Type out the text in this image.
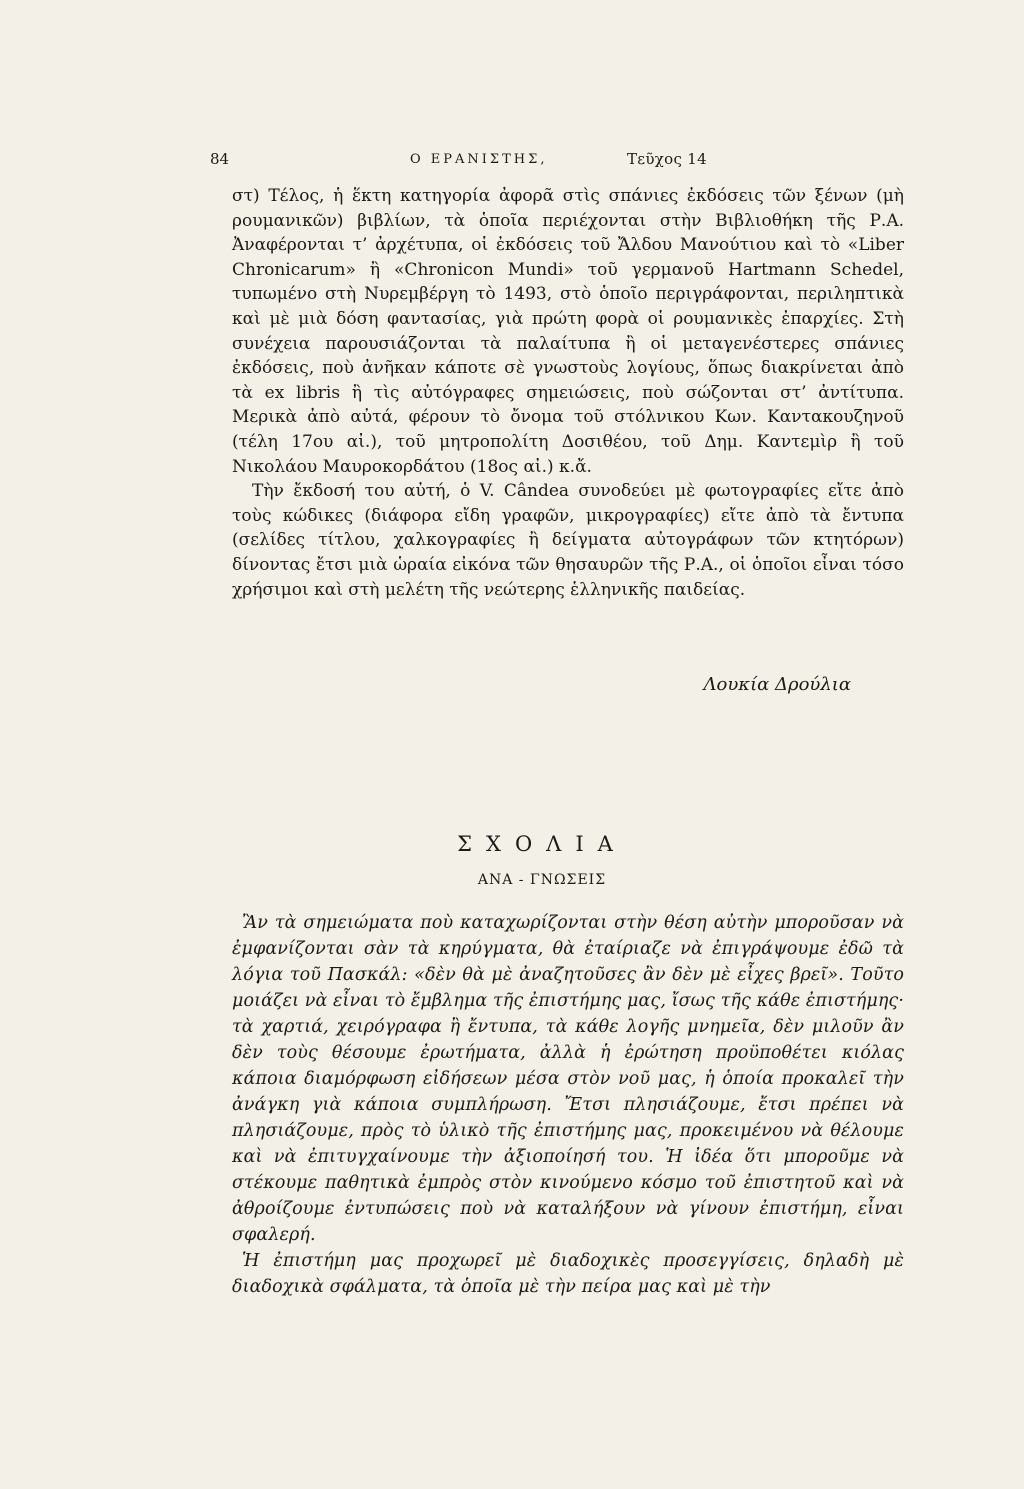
84	Ο ΕΡΑΝΙΣΤΗΣ,	Τεῦχος 14

στ) Τέλος, ἡ ἕκτη κατηγορία ἀφορᾶ στὶς σπάνιες ἐκδόσεις τῶν ξένων (μὴ ρουμανικῶν) βιβλίων, τὰ ὁποῖα περιέχονται στὴν Βιβλιοθήκη τῆς Ρ.Α. Ἀναφέρονται τ’ ἀρχέτυπα, οἱ ἐκδόσεις τοῦ Ἄλδου Μανούτιου καὶ τὸ «Liber Chronicarum» ἢ «Chronicon Mundi» τοῦ γερμανοῦ Hartmann Schedel, τυπωμένο στὴ Νυρεμβέργη τὸ 1493, στὸ ὁποῖο περιγράφονται, περιληπτικὰ καὶ μὲ μιὰ δόση φαντασίας, γιὰ πρώτη φορὰ οἱ ρουμανικὲς ἐπαρχίες. Στὴ συνέχεια παρουσιάζονται τὰ παλαίτυπα ἢ οἱ μεταγενέστερες σπάνιες ἐκδόσεις, ποὺ ἀνῆκαν κάποτε σὲ γνωστοὺς λογίους, ὅπως διακρίνεται ἀπὸ τὰ ex libris ἢ τὶς αὐτόγραφες σημειώσεις, ποὺ σώζονται στ’ ἀντίτυπα. Μερικὰ ἀπὸ αὐτά, φέρουν τὸ ὄνομα τοῦ στόλνικου Κων. Καντακουζηνοῦ (τέλη 17ου αἰ.), τοῦ μητροπολίτη Δοσιθέου, τοῦ Δημ. Καντεμὶρ ἢ τοῦ Νικολάου Μαυροκορδάτου (18ος αἰ.) κ.ἄ.

Τὴν ἔκδοσή του αὐτή, ὁ V. Cândea συνοδεύει μὲ φωτογραφίες εἴτε ἀπὸ τοὺς κώδικες (διάφορα εἴδη γραφῶν, μικρογραφίες) εἴτε ἀπὸ τὰ ἔντυπα (σελίδες τίτλου, χαλκογραφίες ἢ δείγματα αὐτογράφων τῶν κτητόρων) δίνοντας ἔτσι μιὰ ὡραία εἰκόνα τῶν θησαυρῶν τῆς Ρ.Α., οἱ ὁποῖοι εἶναι τόσο χρήσιμοι καὶ στὴ μελέτη τῆς νεώτερης ἑλληνικῆς παιδείας.

Λουκία Δρούλια
ΣΧΟΛΙΑ
ΑΝΑ - ΓΝΩΣΕΙΣ

Ἂν τὰ σημειώματα ποὺ καταχωρίζονται στὴν θέση αὐτὴν μποροῦσαν νὰ ἐμφανίζονται σὰν τὰ κηρύγματα, θὰ ἐταίριαζε νὰ ἐπιγράψουμε ἐδῶ τὰ λόγια τοῦ Πασκάλ: «δὲν θὰ μὲ ἀναζητοῦσες ἂν δὲν μὲ εἶχες βρεῖ». Τοῦτο μοιάζει νὰ εἶναι τὸ ἔμβλημα τῆς ἐπιστήμης μας, ἴσως τῆς κάθε ἐπιστήμης· τὰ χαρτιά, χειρόγραφα ἢ ἔντυπα, τὰ κάθε λογῆς μνημεῖα, δὲν μιλοῦν ἂν δὲν τοὺς θέσουμε ἐρωτήματα, ἀλλὰ ἡ ἐρώτηση προϋποθέτει κιόλας κάποια διαμόρφωση εἰδήσεων μέσα στὸν νοῦ μας, ἡ ὁποία προκαλεῖ τὴν ἀνάγκη γιὰ κάποια συμπλήρωση. Ἔτσι πλησιάζουμε, ἔτσι πρέπει νὰ πλησιάζουμε, πρὸς τὸ ὑλικὸ τῆς ἐπιστήμης μας, προκειμένου νὰ θέλουμε καὶ νὰ ἐπιτυγχαίνουμε τὴν ἀξιοποίησή του. Ἡ ἰδέα ὅτι μποροῦμε νὰ στέκουμε παθητικὰ ἐμπρὸς στὸν κινούμενο κόσμο τοῦ ἐπιστητοῦ καὶ νὰ ἀθροίζουμε ἐντυπώσεις ποὺ νὰ καταλήξουν νὰ γίνουν ἐπιστήμη, εἶναι σφαλερή.

Ἡ ἐπιστήμη μας προχωρεῖ μὲ διαδοχικὲς προσεγγίσεις, δηλαδὴ μὲ διαδοχικὰ σφάλματα, τὰ ὁποῖα μὲ τὴν πείρα μας καὶ μὲ τὴν
